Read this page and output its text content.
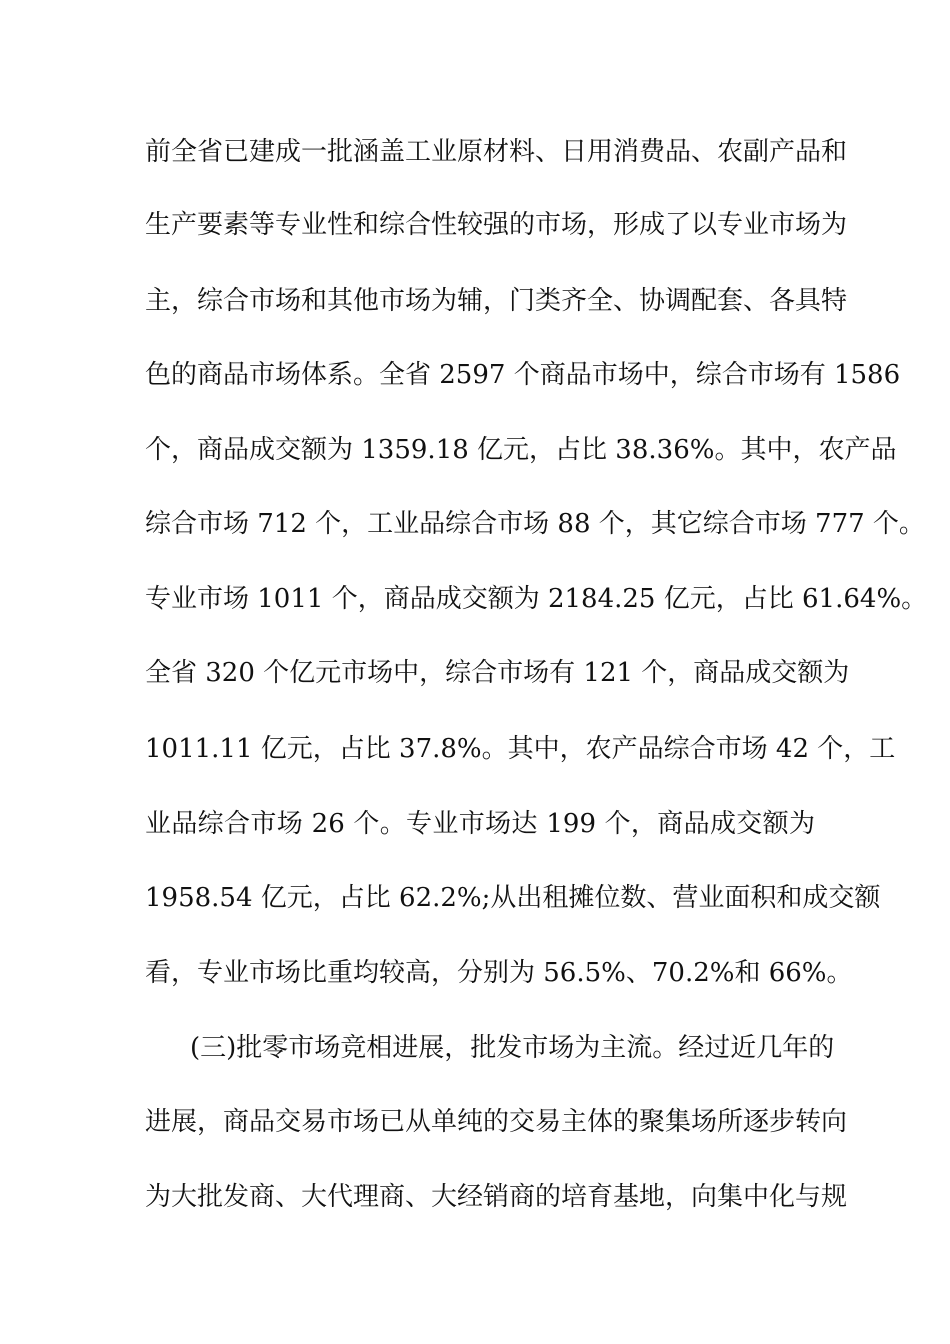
前全省已建成一批涵盖工业原材料、日用消费品、农副产品和
生产要素等专业性和综合性较强的市场，形成了以专业市场为
主，综合市场和其他市场为辅，门类齐全、协调配套、各具特
色的商品市场体系。全省 2597 个商品市场中，综合市场有 1586
个，商品成交额为 1359.18 亿元，占比 38.36%。其中，农产品
综合市场 712 个，工业品综合市场 88 个，其它综合市场 777 个。
专业市场 1011 个，商品成交额为 2184.25 亿元，占比 61.64%。
全省 320 个亿元市场中，综合市场有 121 个，商品成交额为
1011.11 亿元，占比 37.8%。其中，农产品综合市场 42 个，工
业品综合市场 26 个。专业市场达 199 个，商品成交额为
1958.54 亿元，占比 62.2%;从出租摊位数、营业面积和成交额
看，专业市场比重均较高，分别为 56.5%、70.2%和 66%。
(三)批零市场竞相进展，批发市场为主流。经过近几年的
进展，商品交易市场已从单纯的交易主体的聚集场所逐步转向
为大批发商、大代理商、大经销商的培育基地，向集中化与规
